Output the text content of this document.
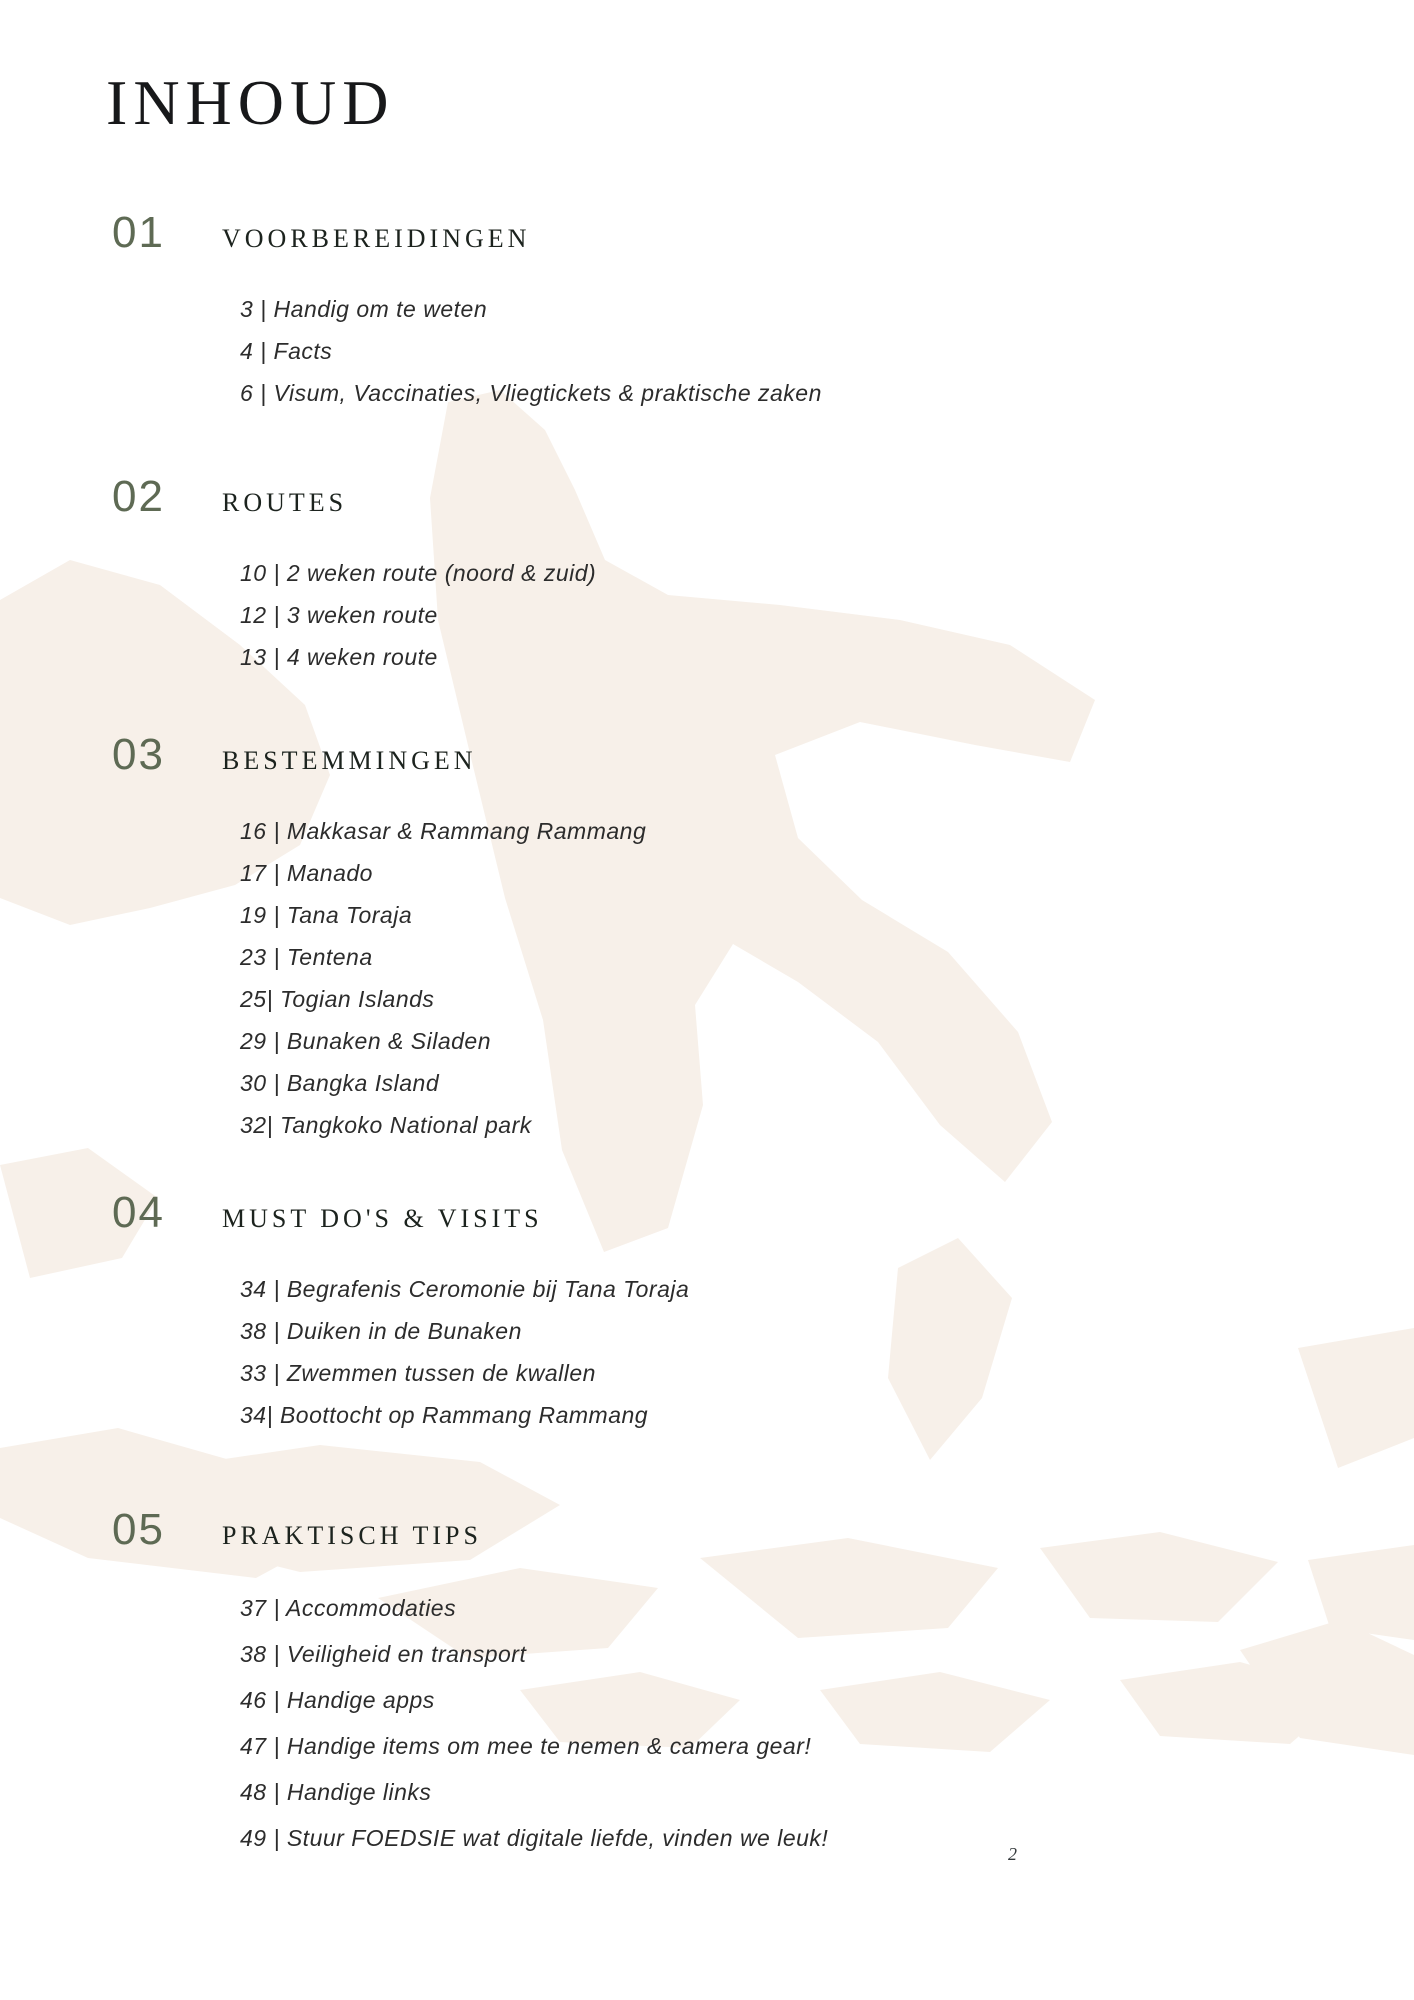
INHOUD
01	VOORBEREIDINGEN
3 | Handig om te weten
4 | Facts
6 | Visum, Vaccinaties, Vliegtickets & praktische zaken
02	ROUTES
10 | 2 weken route (noord & zuid)
12 | 3 weken route
13 | 4 weken route
03	BESTEMMINGEN
16 | Makkasar & Rammang Rammang
17 | Manado
19 | Tana Toraja
23 | Tentena
25| Togian Islands
29 | Bunaken & Siladen
30 | Bangka Island
32| Tangkoko National park
04	MUST DO'S & VISITS
34 | Begrafenis Ceromonie bij Tana Toraja
38 | Duiken in de Bunaken
33 | Zwemmen tussen de kwallen
34| Boottocht op Rammang Rammang
05	PRAKTISCH TIPS
37 | Accommodaties
38 | Veiligheid en transport
46 | Handige apps
47 | Handige items om mee te nemen & camera gear!
48 | Handige links
49 | Stuur FOEDSIE wat digitale liefde, vinden we leuk!
2
